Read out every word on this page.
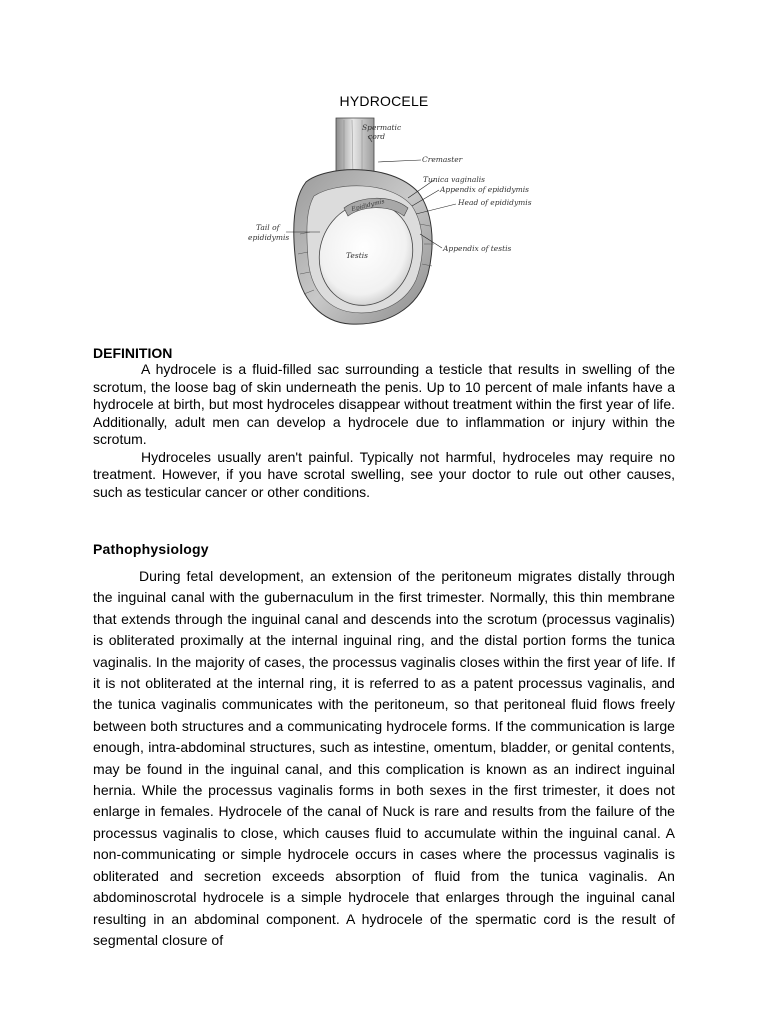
HYDROCELE
Spermatic
cord
Cremaster
Tunica vaginalis
Appendix of epididymis
Head of epididymis
Tail of
epididymis
Testis
Appendix of testis
Epididymis
DEFINITION

A hydrocele is a fluid-filled sac surrounding a testicle that results in swelling of the scrotum, the loose bag of skin underneath the penis. Up to 10 percent of male infants have a hydrocele at birth, but most hydroceles disappear without treatment within the first year of life. Additionally, adult men can develop a hydrocele due to inflammation or injury within the scrotum.

Hydroceles usually aren't painful. Typically not harmful, hydroceles may require no treatment. However, if you have scrotal swelling, see your doctor to rule out other causes, such as testicular cancer or other conditions.

Pathophysiology

During fetal development, an extension of the peritoneum migrates distally through the inguinal canal with the gubernaculum in the first trimester. Normally, this thin membrane that extends through the inguinal canal and descends into the scrotum (processus vaginalis) is obliterated proximally at the internal inguinal ring, and the distal portion forms the tunica vaginalis. In the majority of cases, the processus vaginalis closes within the first year of life. If it is not obliterated at the internal ring, it is referred to as a patent processus vaginalis, and the tunica vaginalis communicates with the peritoneum, so that peritoneal fluid flows freely between both structures and a communicating hydrocele forms. If the communication is large enough, intra-abdominal structures, such as intestine, omentum, bladder, or genital contents, may be found in the inguinal canal, and this complication is known as an indirect inguinal hernia. While the processus vaginalis forms in both sexes in the first trimester, it does not enlarge in females. Hydrocele of the canal of Nuck is rare and results from the failure of the processus vaginalis to close, which causes fluid to accumulate within the inguinal canal. A non-communicating or simple hydrocele occurs in cases where the processus vaginalis is obliterated and secretion exceeds absorption of fluid from the tunica vaginalis. An abdominoscrotal hydrocele is a simple hydrocele that enlarges through the inguinal canal resulting in an abdominal component. A hydrocele of the spermatic cord is the result of segmental closure of
